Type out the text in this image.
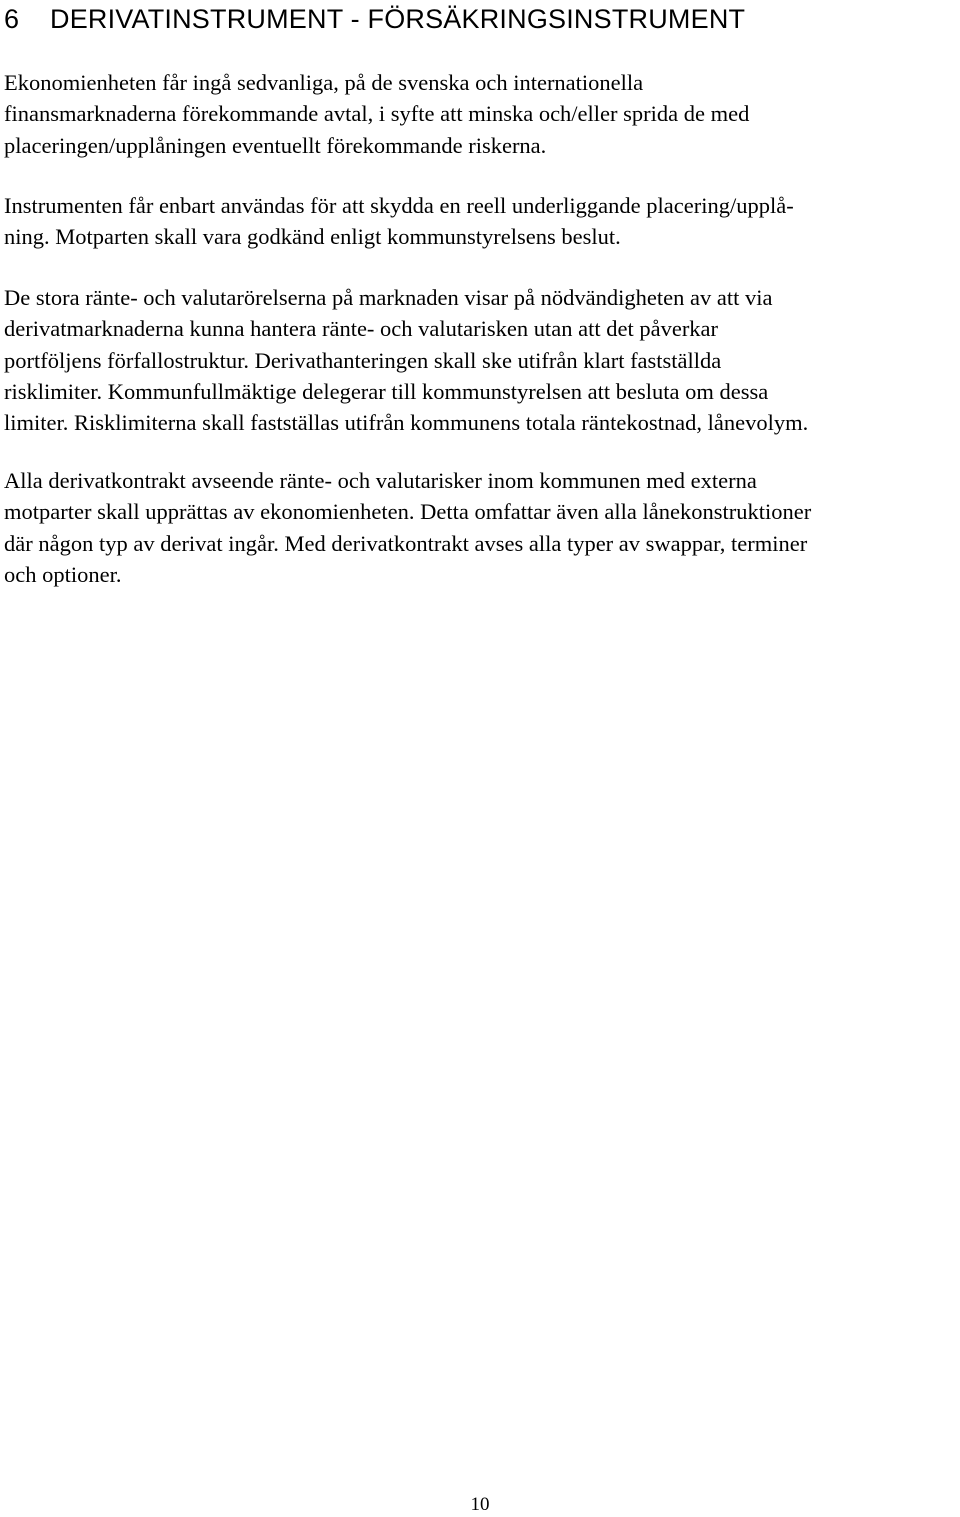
6 DERIVATINSTRUMENT - FÖRSÄKRINGSINSTRUMENT

Ekonomienheten får ingå sedvanliga, på de svenska och internationella
finansmarknaderna förekommande avtal, i syfte att minska och/eller sprida de med
placeringen/upplåningen eventuellt förekommande riskerna.

Instrumenten får enbart användas för att skydda en reell underliggande placering/upplå-
ning. Motparten skall vara godkänd enligt kommunstyrelsens beslut.

De stora ränte- och valutarörelserna på marknaden visar på nödvändigheten av att via
derivatmarknaderna kunna hantera ränte- och valutarisken utan att det påverkar
portföljens förfallostruktur. Derivathanteringen skall ske utifrån klart fastställda
risklimiter. Kommunfullmäktige delegerar till kommunstyrelsen att besluta om dessa
limiter. Risklimiterna skall fastställas utifrån kommunens totala räntekostnad, lånevolym.

Alla derivatkontrakt avseende ränte- och valutarisker inom kommunen med externa
motparter skall upprättas av ekonomienheten. Detta omfattar även alla lånekonstruktioner
där någon typ av derivat ingår. Med derivatkontrakt avses alla typer av swappar, terminer
och optioner.

10
